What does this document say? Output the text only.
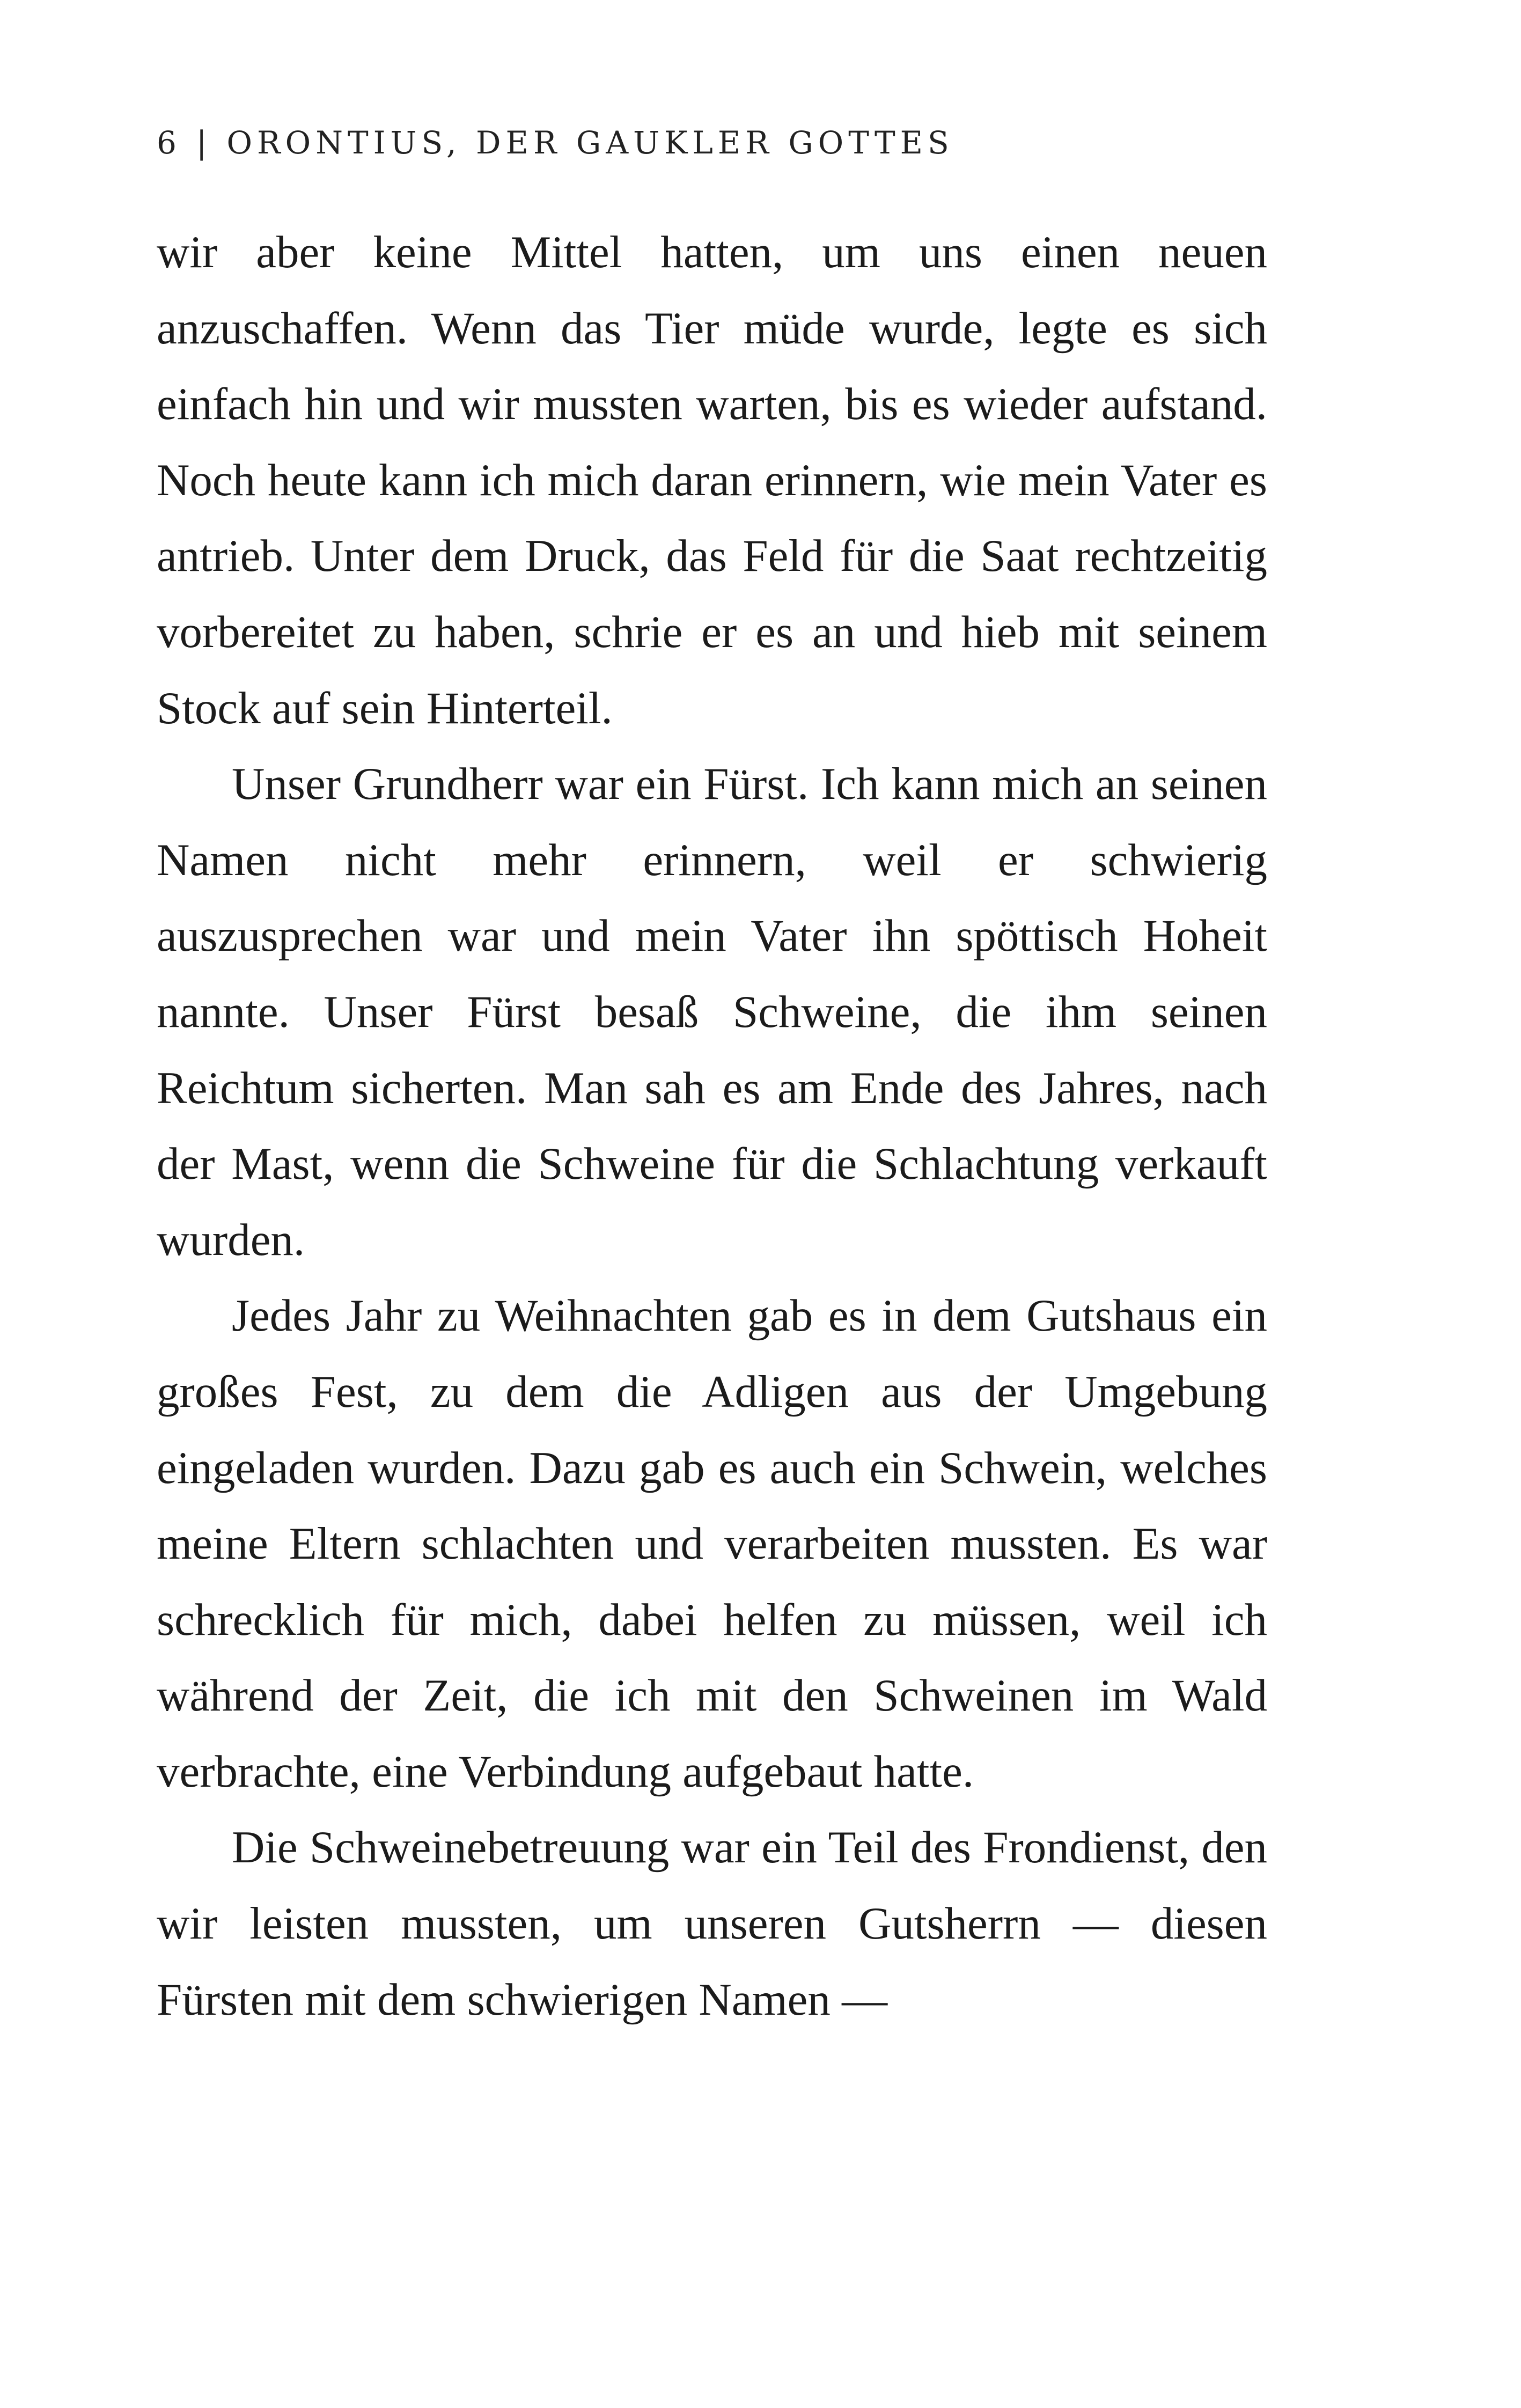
6 | ORONTIUS, DER GAUKLER GOTTES

wir aber keine Mittel hatten, um uns einen neuen anzuschaffen. Wenn das Tier müde wurde, legte es sich einfach hin und wir mussten warten, bis es wieder aufstand. Noch heute kann ich mich daran erinnern, wie mein Vater es antrieb. Unter dem Druck, das Feld für die Saat rechtzeitig vorbereitet zu haben, schrie er es an und hieb mit seinem Stock auf sein Hinterteil.

Unser Grundherr war ein Fürst. Ich kann mich an seinen Namen nicht mehr erinnern, weil er schwierig auszusprechen war und mein Vater ihn spöttisch Hoheit nannte. Unser Fürst besaß Schweine, die ihm seinen Reichtum sicherten. Man sah es am Ende des Jahres, nach der Mast, wenn die Schweine für die Schlachtung verkauft wurden.

Jedes Jahr zu Weihnachten gab es in dem Gutshaus ein großes Fest, zu dem die Adligen aus der Umgebung eingeladen wurden. Dazu gab es auch ein Schwein, welches meine Eltern schlachten und verarbeiten mussten. Es war schrecklich für mich, dabei helfen zu müssen, weil ich während der Zeit, die ich mit den Schweinen im Wald verbrachte, eine Verbindung aufgebaut hatte.

Die Schweinebetreuung war ein Teil des Frondienst, den wir leisten mussten, um unseren Gutsherrn — diesen Fürsten mit dem schwierigen Namen —
